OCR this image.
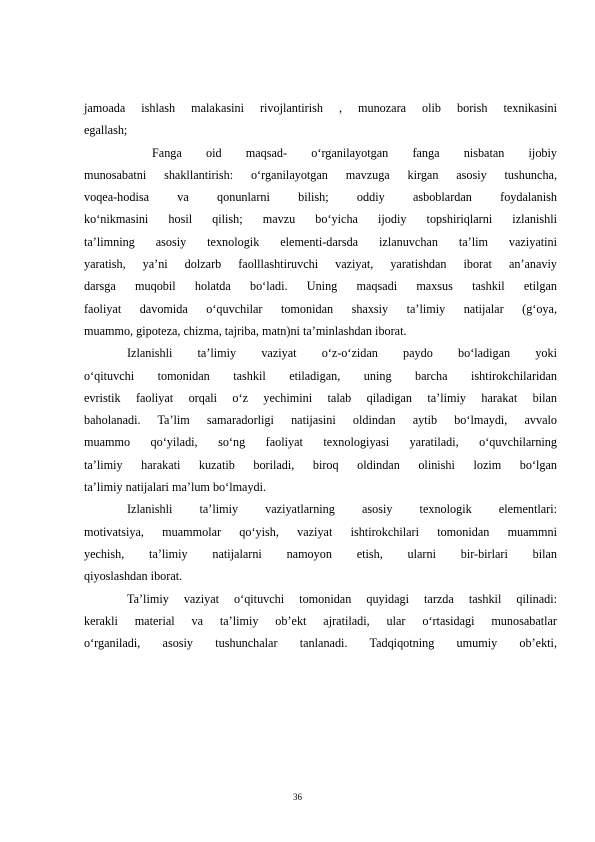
jamoada ishlash malakasini rivojlantirish , munozara olib borish texnikasini
egallash;
Fanga oid maqsad- o‘rganilayotgan fanga nisbatan ijobiy
munosabatni shakllantirish: o‘rganilayotgan mavzuga kirgan asosiy tushuncha,
voqea-hodisa va qonunlarni bilish; oddiy asboblardan foydalanish
ko‘nikmasini hosil qilish; mavzu bo‘yicha ijodiy topshiriqlarni izlanishli
ta’limning asosiy texnologik elementi-darsda izlanuvchan ta’lim vaziyatini
yaratish, ya’ni dolzarb faolllashtiruvchi vaziyat, yaratishdan iborat an’anaviy
darsga muqobil holatda bo‘ladi. Uning maqsadi maxsus tashkil etilgan
faoliyat davomida o‘quvchilar tomonidan shaxsiy ta’limiy natijalar (g‘oya,
muammo, gipoteza, chizma, tajriba, matn)ni ta’minlashdan iborat.
Izlanishli ta’limiy vaziyat o‘z-o‘zidan paydo bo‘ladigan yoki
o‘qituvchi tomonidan tashkil etiladigan, uning barcha ishtirokchilaridan
evristik faoliyat orqali o‘z yechimini talab qiladigan ta’limiy harakat bilan
baholanadi. Ta’lim samaradorligi natijasini oldindan aytib bo‘lmaydi, avvalo
muammo qo‘yiladi, so‘ng faoliyat texnologiyasi yaratiladi, o‘quvchilarning
ta’limiy harakati kuzatib boriladi, biroq oldindan olinishi lozim bo‘lgan
ta’limiy natijalari ma’lum bo‘lmaydi.
Izlanishli ta’limiy vaziyatlarning asosiy texnologik elementlari:
motivatsiya, muammolar qo‘yish, vaziyat ishtirokchilari tomonidan muammni
yechish, ta’limiy natijalarni namoyon etish, ularni bir-birlari bilan
qiyoslashdan iborat.
Ta’limiy vaziyat o‘qituvchi tomonidan quyidagi tarzda tashkil qilinadi:
kerakli material va ta’limiy ob’ekt ajratiladi, ular o‘rtasidagi munosabatlar
o‘rganiladi, asosiy tushunchalar tanlanadi. Tadqiqotning umumiy ob’ekti,
36
